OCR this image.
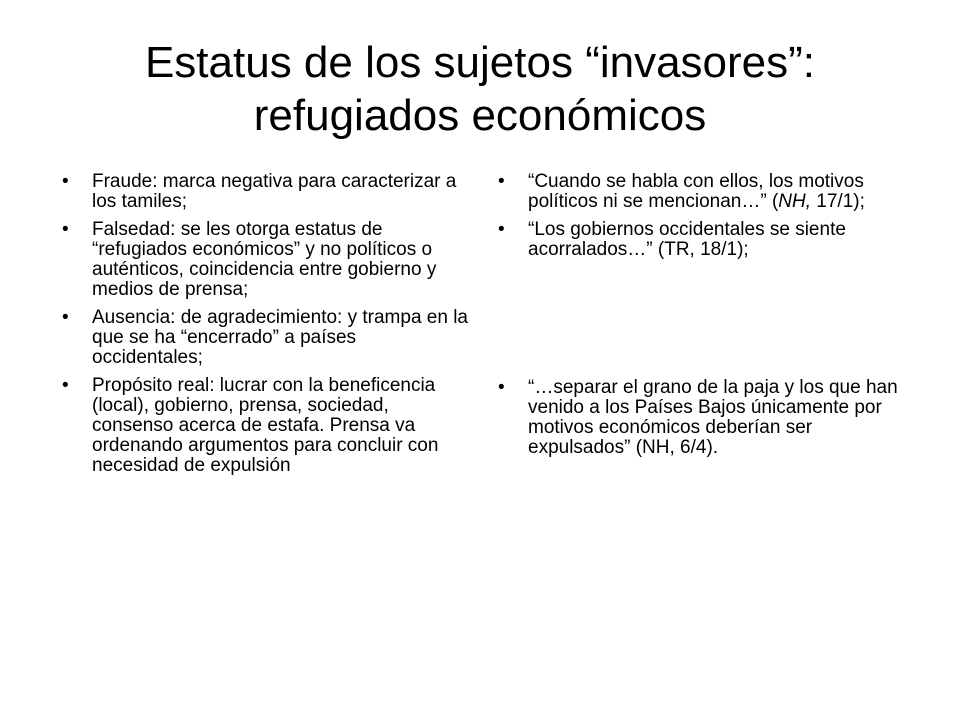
Estatus de los sujetos “invasores”:
refugiados económicos
• Fraude: marca negativa para caracterizar a los tamiles;
• Falsedad: se les otorga estatus de “refugiados económicos” y no políticos o auténticos, coincidencia entre gobierno y medios de prensa;
• Ausencia: de agradecimiento: y trampa en la que se ha “encerrado” a países occidentales;
• Propósito real: lucrar con la beneficencia (local), gobierno, prensa, sociedad, consenso acerca de estafa. Prensa va ordenando argumentos para concluir con necesidad de expulsión
• “Cuando se habla con ellos, los motivos políticos ni se mencionan…” (NH, 17/1);
• “Los gobiernos occidentales se siente acorralados…” (TR, 18/1);
• “…separar el grano de la paja y los que han venido a los Países Bajos únicamente por motivos económicos deberían ser expulsados” (NH, 6/4).
